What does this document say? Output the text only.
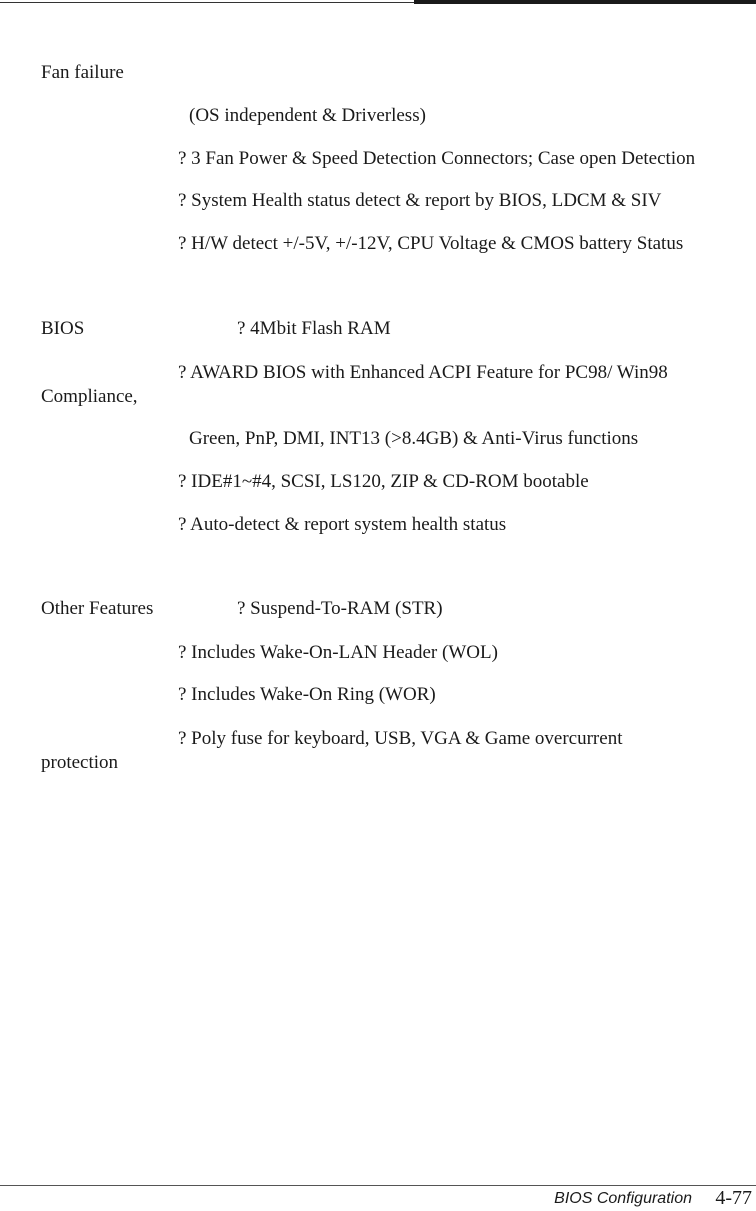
Fan failure
(OS independent & Driverless)
? 3 Fan Power & Speed Detection Connectors; Case open Detection
? System Health status detect & report by BIOS, LDCM & SIV
? H/W detect +/-5V, +/-12V, CPU Voltage & CMOS battery Status
BIOS	? 4Mbit Flash RAM
? AWARD BIOS with Enhanced ACPI Feature for PC98/ Win98
Compliance,
Green, PnP, DMI, INT13 (>8.4GB) & Anti-Virus functions
? IDE#1~#4, SCSI, LS120, ZIP & CD-ROM bootable
? Auto-detect & report system health status
Other Features	? Suspend-To-RAM (STR)
? Includes Wake-On-LAN Header (WOL)
? Includes Wake-On Ring (WOR)
? Poly fuse for keyboard, USB, VGA & Game overcurrent
protection
BIOS Configuration 4-77
